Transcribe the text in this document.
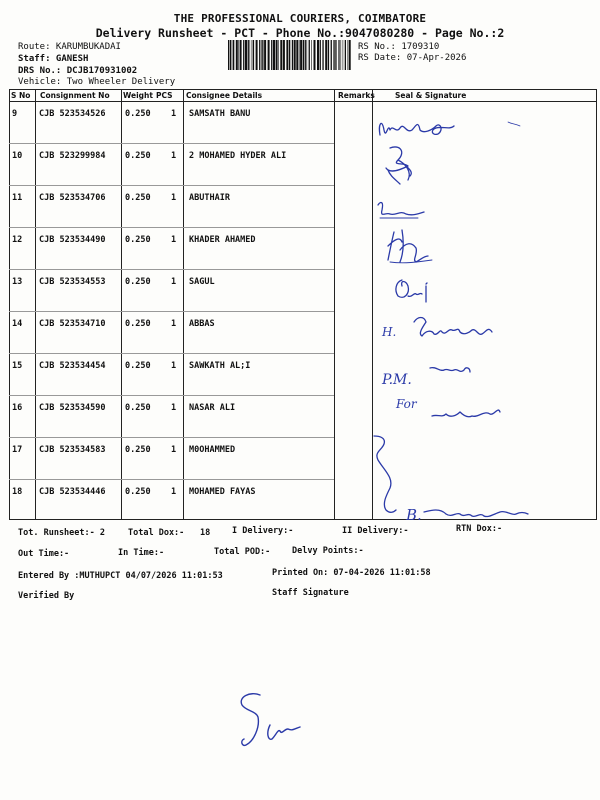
THE PROFESSIONAL COURIERS, COIMBATORE
Delivery Runsheet - PCT - Phone No.:9047080280 - Page No.:2
Route: KARUMBUKADAI
Staff: GANESH
DRS No.: DCJB170931002
Vehicle: Two Wheeler Delivery
RS No.: 1709310
RS Date: 07-Apr-2026
S No Consignment No Weight PCS Consignee Details	Remarks	Seal & Signature
9	CJB 523534526 0.250 1 SAMSATH BANU
10 CJB 523299984 0.250 1 2 MOHAMED HYDER ALI
11 CJB 523534706 0.250 1 ABUTHAIR
12 CJB 523534490 0.250 1 KHADER AHAMED
13 CJB 523534553 0.250 1 SAGUL
14 CJB 523534710 0.250 1 ABBAS
15 CJB 523534454 0.250 1 SAWKATH AL;I
16 CJB 523534590 0.250 1 NASAR ALI
17 CJB 523534583 0.250 1 M0OHAMMED
18 CJB 523534446 0.250 1 MOHAMED FAYAS
H.
P.M.
For
B.
Tot. Runsheet:- 2	Total Dox:- 18	I Delivery:-	II Delivery:-	RTN Dox:-
Out Time:-	In Time:-	Total POD:-	Delvy Points:-
Entered By :MUTHUPCT 04/07/2026 11:01:53	Printed On: 07-04-2026 11:01:58
Verified By	Staff Signature
